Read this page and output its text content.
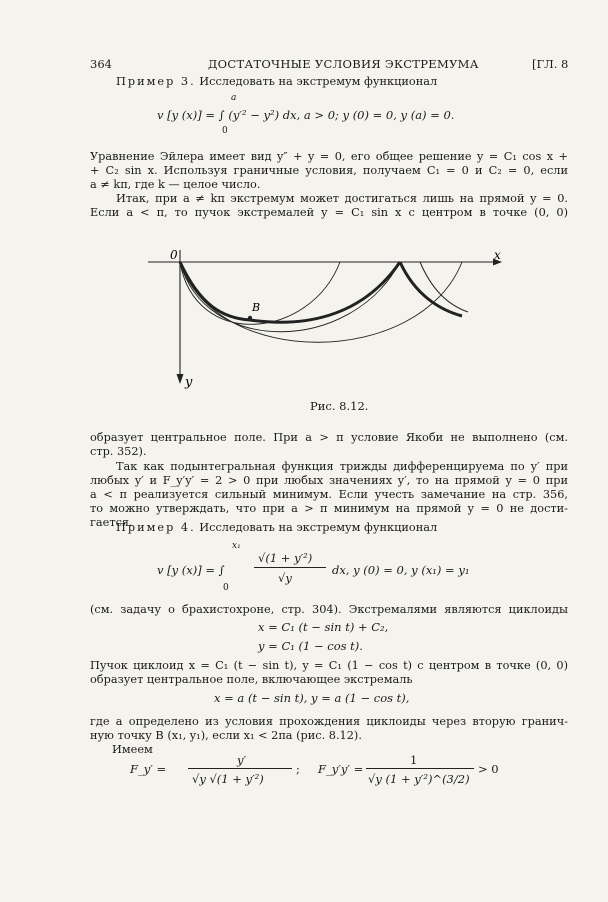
364	ДОСТАТОЧНЫЕ УСЛОВИЯ ЭКСТРЕМУМА	[ГЛ. 8
Пример 3. Исследовать на экстремум функционал
a
v [y (x)] = ∫ (y′² − y²) dx, a > 0; y (0) = 0, y (a) = 0.
0
Уравнение Эйлера имеет вид y″ + y = 0, его общее решение y = C₁ cos x +
+ C₂ sin x. Используя граничные условия, получаем C₁ = 0 и C₂ = 0, если
a ≠ kπ, где k — целое число.
Итак, при a ≠ kπ экстремум может достигаться лишь на прямой y = 0.
Если a < π, то пучок экстремалей y = C₁ sin x с центром в точке (0, 0)
0	x
y
B
Рис. 8.12.
образует центральное поле. При a > π условие Якоби не выполнено (см.
стр. 352).
Так как подынтегральная функция трижды дифференцируема по y′ при
любых y′ и F_y′y′ = 2 > 0 при любых значениях y′, то на прямой y = 0 при
a < π реализуется сильный минимум. Если учесть замечание на стр. 356,
то можно утверждать, что при a > π минимум на прямой y = 0 не дости-
гается.
Пример 4. Исследовать на экстремум функционал
x₁
v [y (x)] = ∫
√(1 + y′²)
√y
dx, y (0) = 0, y (x₁) = y₁
0
(см. задачу о брахистохроне, стр. 304). Экстремалями являются циклоиды
x = C₁ (t − sin t) + C₂,
y = C₁ (1 − cos t).
Пучок циклоид x = C₁ (t − sin t), y = C₁ (1 − cos t) с центром в точке (0, 0)
образует центральное поле, включающее экстремаль
x = a (t − sin t), y = a (1 − cos t),
где a определено из условия прохождения циклоиды через вторую гранич-
ную точку B (x₁, y₁), если x₁ < 2πa (рис. 8.12).
Имеем
F_y′ =
y′
√y √(1 + y′²)
; F_y′y′ =
1
√y (1 + y′²)^(3/2)
> 0
